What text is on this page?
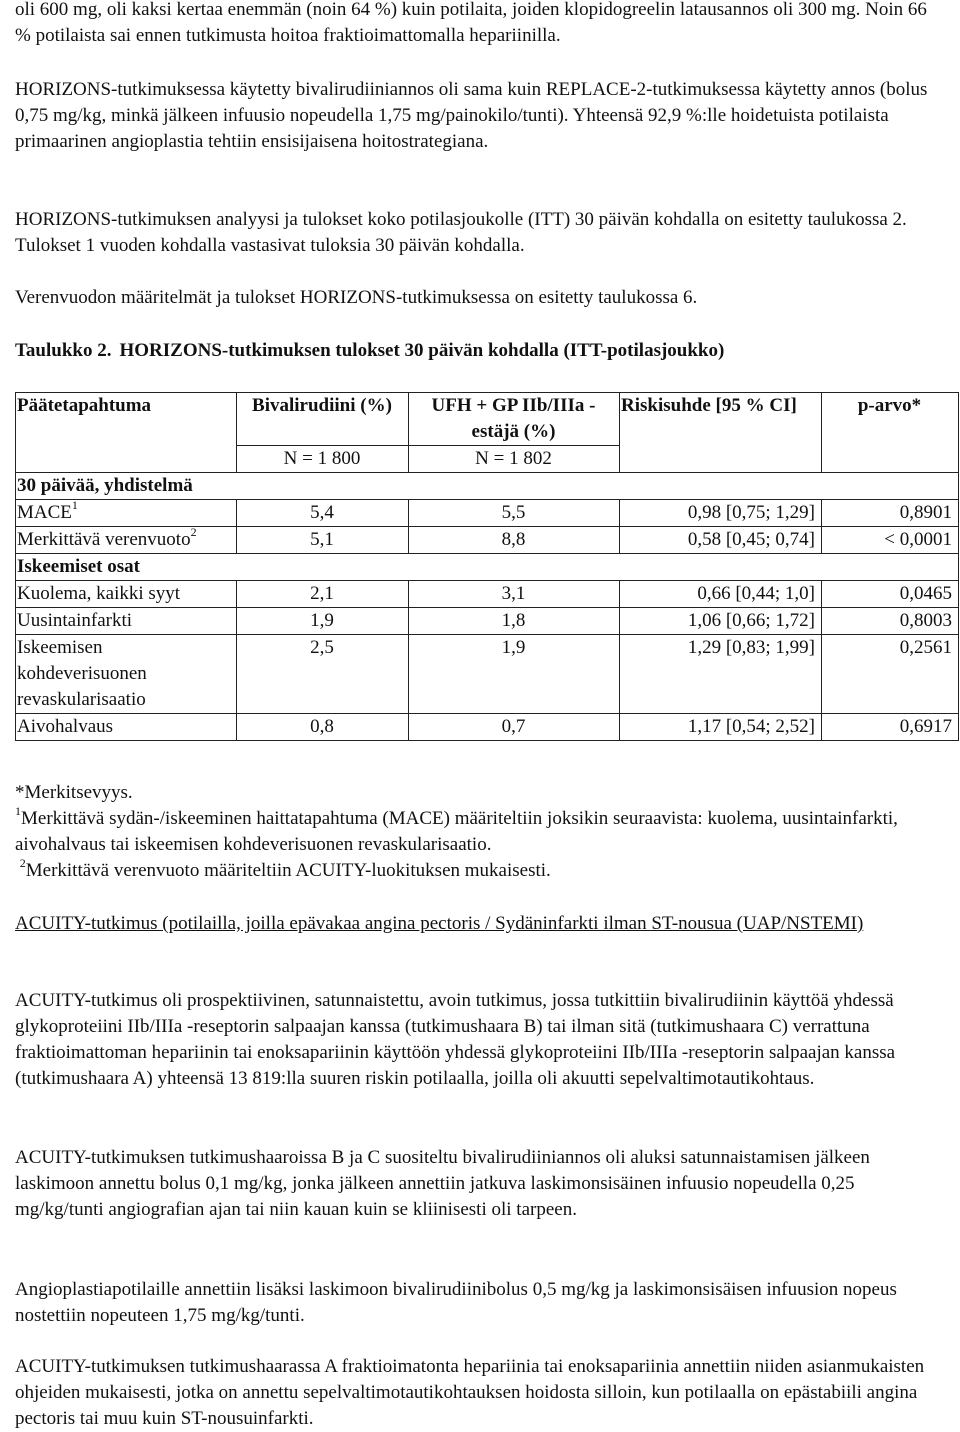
oli 600 mg, oli kaksi kertaa enemmän (noin 64 %) kuin potilaita, joiden klopidogreelin latausannos oli 300 mg. Noin 66 % potilaista sai ennen tutkimusta hoitoa fraktioimattomalla hepariinilla.

HORIZONS-tutkimuksessa käytetty bivalirudiiniannos oli sama kuin REPLACE-2-tutkimuksessa käytetty annos (bolus 0,75 mg/kg, minkä jälkeen infuusio nopeudella 1,75 mg/painokilo/tunti). Yhteensä 92,9 %:lle hoidetuista potilaista primaarinen angioplastia tehtiin ensisijaisena hoitostrategiana.

HORIZONS-tutkimuksen analyysi ja tulokset koko potilasjoukolle (ITT) 30 päivän kohdalla on esitetty taulukossa 2. Tulokset 1 vuoden kohdalla vastasivat tuloksia 30 päivän kohdalla.

Verenvuodon määritelmät ja tulokset HORIZONS-tutkimuksessa on esitetty taulukossa 6.

Taulukko 2. HORIZONS-tutkimuksen tulokset 30 päivän kohdalla (ITT-potilasjoukko)

Päätetapahtuma	Bivalirudiini (%)	UFH + GP IIb/IIIa -estäjä (%)	Riskisuhde [95 % CI]	p-arvo*
	N = 1 800	N = 1 802		
30 päivää, yhdistelmä				
MACE$^1$	5,4	5,5	0,98 [0,75; 1,29]	0,8901
Merkittävä verenvuoto$^2$	5,1	8,8	0,58 [0,45; 0,74]	< 0,0001
Iskeemiset osat				
Kuolema, kaikki syyt	2,1	3,1	0,66 [0,44; 1,0]	0,0465
Uusintainfarkti	1,9	1,8	1,06 [0,66; 1,72]	0,8003

Iskeemisen kohdeverisuonen revaskularisaatio	2,5	1,9	1,29 [0,83; 1,99]	0,2561
Aivohalvaus	0,8	0,7	1,17 [0,54; 2,52]	0,6917

*Merkitsevyys.

$^1$Merkittävä sydän-/iskeeminen haittatapahtuma (MACE) määriteltiin joksikin seuraavista: kuolema, uusintainfarkti, aivohalvaus tai iskeemisen kohdeverisuonen revaskularisaatio.

$^2$Merkittävä verenvuoto määriteltiin ACUITY-luokituksen mukaisesti.

ACUITY-tutkimus (potilailla, joilla epävakaa angina pectoris / Sydäninfarkti ilman ST-nousua (UAP/NSTEMI)

ACUITY-tutkimus oli prospektiivinen, satunnaistettu, avoin tutkimus, jossa tutkittiin bivalirudiinin käyttöä yhdessä glykoproteiini IIb/IIIa -reseptorin salpaajan kanssa (tutkimushaara B) tai ilman sitä (tutkimushaara C) verrattuna fraktioimattoman hepariinin tai enoksapariinin käyttöön yhdessä glykoproteiini IIb/IIIa -reseptorin salpaajan kanssa (tutkimushaara A) yhteensä 13 819:lla suuren riskin potilaalla, joilla oli akuutti sepelvaltimotautikohtaus.

ACUITY-tutkimuksen tutkimushaaroissa B ja C suositeltu bivalirudiiniannos oli aluksi satunnaistamisen jälkeen laskimoon annettu bolus 0,1 mg/kg, jonka jälkeen annettiin jatkuva laskimonsisäinen infuusio nopeudella 0,25 mg/kg/tunti angiografian ajan tai niin kauan kuin se kliinisesti oli tarpeen.

Angioplastiapotilaille annettiin lisäksi laskimoon bivalirudiinibolus 0,5 mg/kg ja laskimonsisäisen infuusion nopeus nostettiin nopeuteen 1,75 mg/kg/tunti.

ACUITY-tutkimuksen tutkimushaarassa A fraktioimatonta hepariinia tai enoksapariinia annettiin niiden asianmukaisten ohjeiden mukaisesti, jotka on annettu sepelvaltimotautikohtauksen hoidosta silloin, kun potilaalla on epästabiili angina pectoris tai muu kuin ST-nousuinfarkti.
